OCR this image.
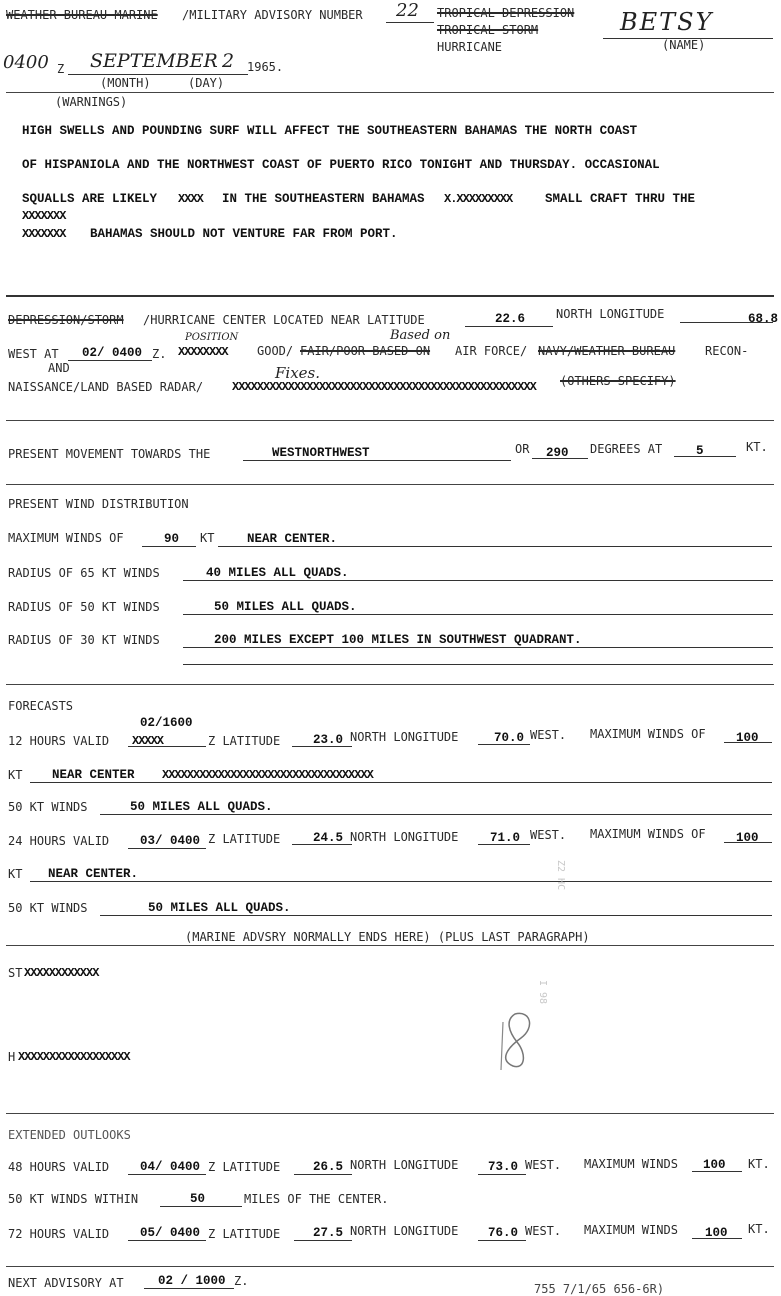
WEATHER BUREAU MARINE /MILITARY ADVISORY NUMBER 22 TROPICAL DEPRESSION
TROPICAL STORM
HURRICANE
BETSY
(NAME)
0400 Z SEPTEMBER 2 1965.
(MONTH)	(DAY)
(WARNINGS)
HIGH SWELLS AND POUNDING SURF WILL AFFECT THE SOUTHEASTERN BAHAMAS THE NORTH COAST
OF HISPANIOLA AND THE NORTHWEST COAST OF PUERTO RICO TONIGHT AND THURSDAY. OCCASIONAL
SQUALLS ARE LIKELY XXXX IN THE SOUTHEASTERN BAHAMAS X.XXXXXXXXX	SMALL CRAFT THRU THE
XXXXXXX
XXXXXXX BAHAMAS SHOULD NOT VENTURE FAR FROM PORT.
DEPRESSION/STORM /HURRICANE CENTER LOCATED NEAR LATITUDE	22.6	NORTH LONGITUDE	68.8
WEST AT 02/ 0400 Z.
POSITION
XXXXXXXX GOOD/ FAIR/POOR BASED ON
Based on
AIR FORCE/ NAVY/WEATHER BUREAU RECON-
AND
NAISSANCE/LAND BASED RADAR/
Fixes.
XXXXXXXXXXXXXXXXXXXXXXXXXXXXXXXXXXXXXXXXXXXXXXXXX (OTHERS SPECIFY)
PRESENT MOVEMENT TOWARDS THE	WESTNORTHWEST	OR 290 DEGREES AT	5	KT.
PRESENT WIND DISTRIBUTION
MAXIMUM WINDS OF	90 KT	NEAR CENTER.
RADIUS OF 65 KT WINDS	40 MILES ALL QUADS.
RADIUS OF 50 KT WINDS	50 MILES ALL QUADS.
RADIUS OF 30 KT WINDS	200 MILES EXCEPT 100 MILES IN SOUTHWEST QUADRANT.
FORECASTS
12 HOURS VALID
02/1600
XXXXX	Z LATITUDE	23.0 NORTH LONGITUDE	70.0 WEST. MAXIMUM WINDS OF 100
KT NEAR CENTER XXXXXXXXXXXXXXXXXXXXXXXXXXXXXXXXXX
50 KT WINDS	50 MILES ALL QUADS.
24 HOURS VALID 03/ 0400 Z LATITUDE	24.5 NORTH LONGITUDE	71.0 WEST. MAXIMUM WINDS OF 100
KT NEAR CENTER.
50 KT WINDS	50 MILES ALL QUADS.
(MARINE ADVSRY NORMALLY ENDS HERE) (PLUS LAST PARAGRAPH)
ST XXXXXXXXXXXX
H XXXXXXXXXXXXXXXXXX
EXTENDED OUTLOOKS
48 HOURS VALID 04/ 0400 Z LATITUDE	26.5 NORTH LONGITUDE 73.0 WEST. MAXIMUM WINDS 100 KT.
50 KT WINDS WITHIN	50	MILES OF THE CENTER.
72 HOURS VALID 05/ 0400 Z LATITUDE	27.5 NORTH LONGITUDE 76.0 WEST. MAXIMUM WINDS 100 KT.
NEXT ADVISORY AT	02 / 1000 Z.
755 7/1/65 656-6R)
Z2 HC
I 98
